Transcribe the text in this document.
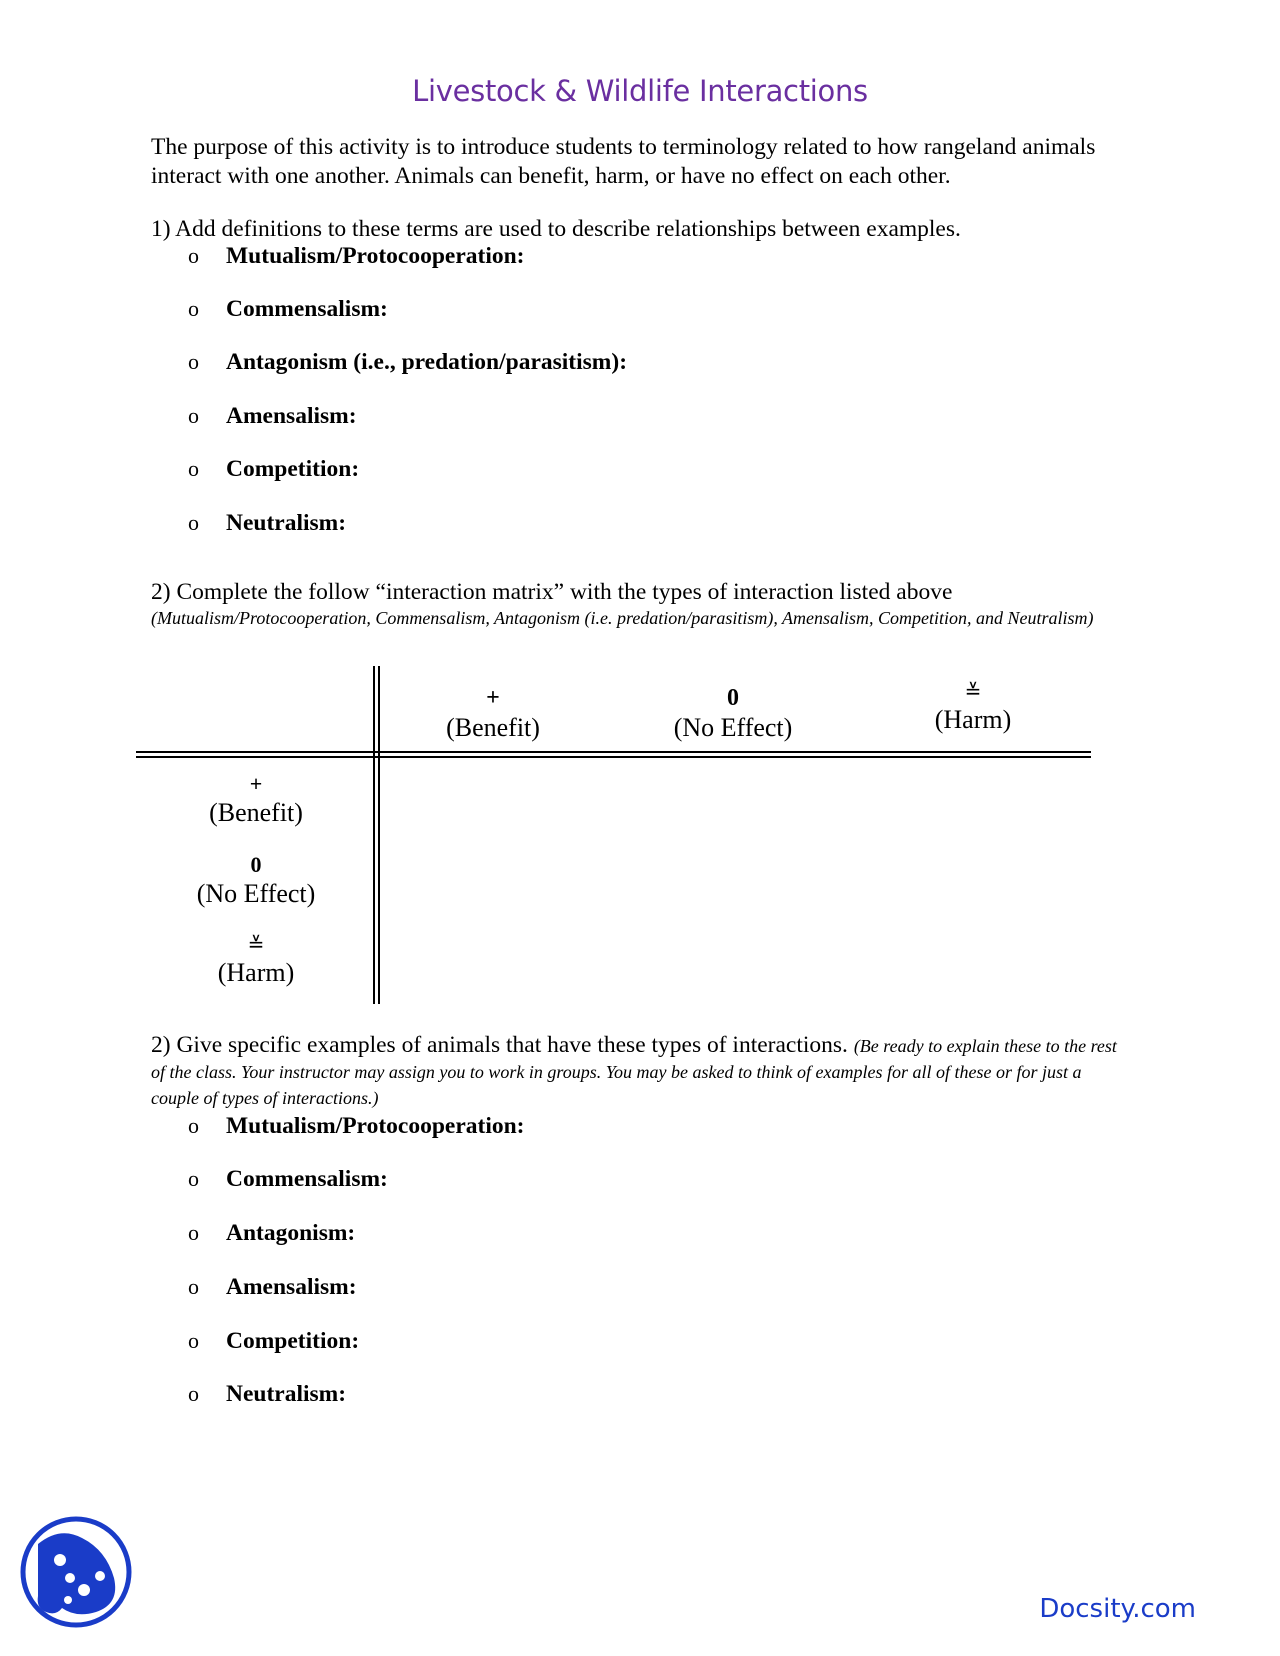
Livestock & Wildlife Interactions
The purpose of this activity is to introduce students to terminology related to how rangeland animals interact with one another. Animals can benefit, harm, or have no effect on each other.
1) Add definitions to these terms are used to describe relationships between examples.
o Mutualism/Protocooperation:
o Commensalism:
o Antagonism (i.e., predation/parasitism):
o Amensalism:
o Competition:
o Neutralism:
2) Complete the follow “interaction matrix” with the types of interaction listed above
(Mutualism/Protocooperation, Commensalism, Antagonism (i.e. predation/parasitism), Amensalism, Competition, and Neutralism)
+
(Benefit)
0
(No Effect)
≚
(Harm)
+
(Benefit)
0
(No Effect)
≚
(Harm)
2) Give specific examples of animals that have these types of interactions. (Be ready to explain these to the rest of the class. Your instructor may assign you to work in groups. You may be asked to think of examples for all of these or for just a couple of types of interactions.)
o Mutualism/Protocooperation:
o Commensalism:
o Antagonism:
o Amensalism:
o Competition:
o Neutralism:
Docsity.com
